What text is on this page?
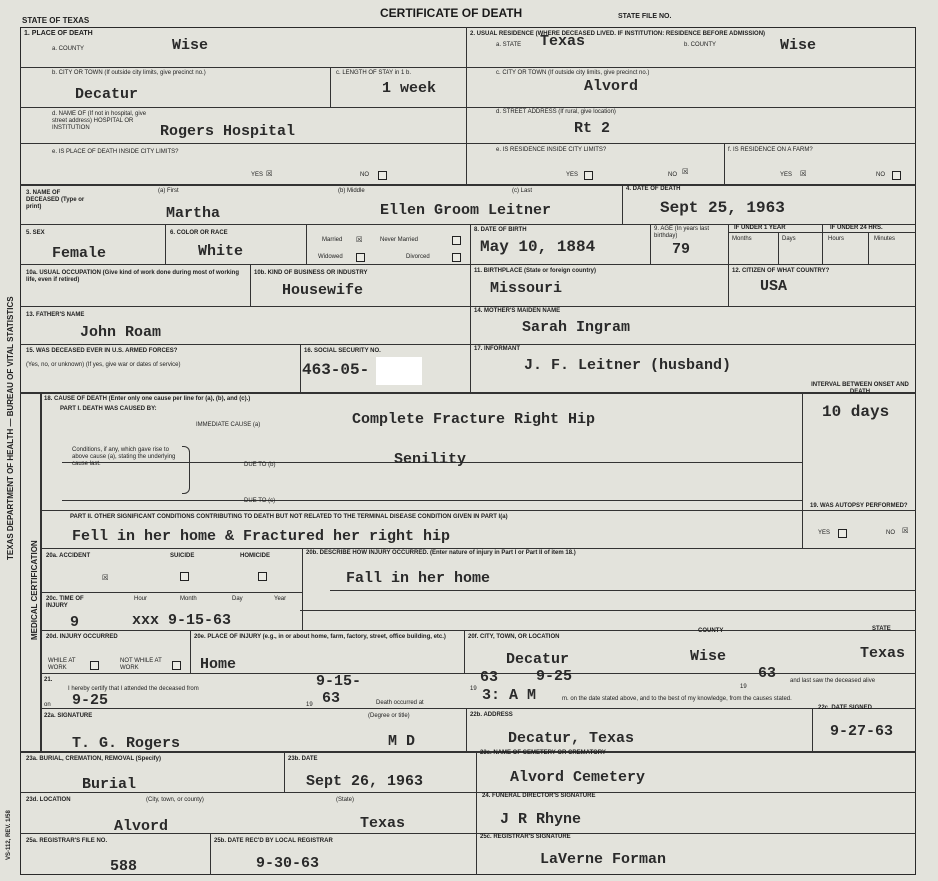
STATE OF TEXAS
CERTIFICATE OF DEATH	STATE FILE NO.
TEXAS DEPARTMENT OF HEALTH — BUREAU OF VITAL STATISTICS
MEDICAL CERTIFICATION
VS-112, REV. 1/58
1. PLACE OF DEATH
a. COUNTY	Wise
2. USUAL RESIDENCE (WHERE DECEASED LIVED. IF INSTITUTION: RESIDENCE BEFORE ADMISSION)
a. STATE Texas	b. COUNTY	Wise
b. CITY OR TOWN (If outside city limits, give precinct no.)
Decatur
c. LENGTH OF STAY in 1 b.
1 week
c. CITY OR TOWN (If outside city limits, give precinct no.)
Alvord
d. NAME OF (If not in hospital, give street address) HOSPITAL OR INSTITUTION	Rogers Hospital
d. STREET ADDRESS (If rural, give location)
Rt 2
e. IS PLACE OF DEATH INSIDE CITY LIMITS?
YES ☒	NO
e. IS RESIDENCE INSIDE CITY LIMITS?
YES	NO ☒
f. IS RESIDENCE ON A FARM?
YES ☒	NO
3. NAME OF DECEASED (Type or print)
(a) First	(b) Middle	(c) Last
Martha	Ellen Groom Leitner
4. DATE OF DEATH
Sept 25, 1963
5. SEX
Female
6. COLOR OR RACE
White
Married ☒	Never Married
Widowed	Divorced
8. DATE OF BIRTH
May 10, 1884
9. AGE (In years last birthday)
79
IF UNDER 1 YEAR	IF UNDER 24 HRS.
Months	Days	Hours	Minutes
10a. USUAL OCCUPATION (Give kind of work done during most of working life, even if retired)
10b. KIND OF BUSINESS OR INDUSTRY
Housewife
11. BIRTHPLACE (State or foreign country)
Missouri
12. CITIZEN OF WHAT COUNTRY?
USA
13. FATHER'S NAME
John Roam
14. MOTHER'S MAIDEN NAME
Sarah Ingram
15. WAS DECEASED EVER IN U.S. ARMED FORCES?
(Yes, no, or unknown) (If yes, give war or dates of service)
16. SOCIAL SECURITY NO.
463-05-
17. INFORMANT
J. F. Leitner (husband)
18. CAUSE OF DEATH (Enter only one cause per line for (a), (b), and (c).)
PART I. DEATH WAS CAUSED BY:
IMMEDIATE CAUSE (a)	Complete Fracture Right Hip
INTERVAL BETWEEN ONSET AND DEATH
10 days
Conditions, if any, which gave rise to above cause (a), stating the underlying cause last.	DUE TO (b)	Senility
DUE TO (c)
PART II. OTHER SIGNIFICANT CONDITIONS CONTRIBUTING TO DEATH BUT NOT RELATED TO THE TERMINAL DISEASE CONDITION GIVEN IN PART I(a)
Fell in her home & Fractured her right hip
19. WAS AUTOPSY PERFORMED?
YES	NO ☒
20a. ACCIDENT	SUICIDE	HOMICIDE
☒
20b. DESCRIBE HOW INJURY OCCURRED. (Enter nature of injury in Part I or Part II of item 18.)
Fall in her home
20c. TIME OF INJURY
Hour	Month	Day	Year
9	xxx 9-15-63
20d. INJURY OCCURRED
WHILE AT WORK
NOT WHILE AT WORK
20e. PLACE OF INJURY (e.g., in or about home, farm, factory, street, office building, etc.)
Home
20f. CITY, TOWN, OR LOCATION
COUNTY	STATE
Decatur	Wise	Texas
21.
I hereby certify that I attended the deceased from	9-15-	19
63	9-25
19
63 and last saw the deceased alive
on 9-25	19 63	Death occurred at	3: A M	m. on the date stated above, and to the best of my knowledge, from the causes stated.
22a. SIGNATURE	(Degree or title)
T. G. Rogers	M D
22b. ADDRESS
Decatur, Texas
22c. DATE SIGNED
9-27-63
23a. BURIAL, CREMATION, REMOVAL (Specify)
Burial
23b. DATE
Sept 26, 1963
23c. NAME OF CEMETERY OR CREMATORY
Alvord Cemetery
23d. LOCATION	(City, town, or county)	(State)
Alvord	Texas
24. FUNERAL DIRECTOR'S SIGNATURE
J R Rhyne
25a. REGISTRAR'S FILE NO.
588
25b. DATE REC'D BY LOCAL REGISTRAR
9-30-63
25c. REGISTRAR'S SIGNATURE
LaVerne Forman
